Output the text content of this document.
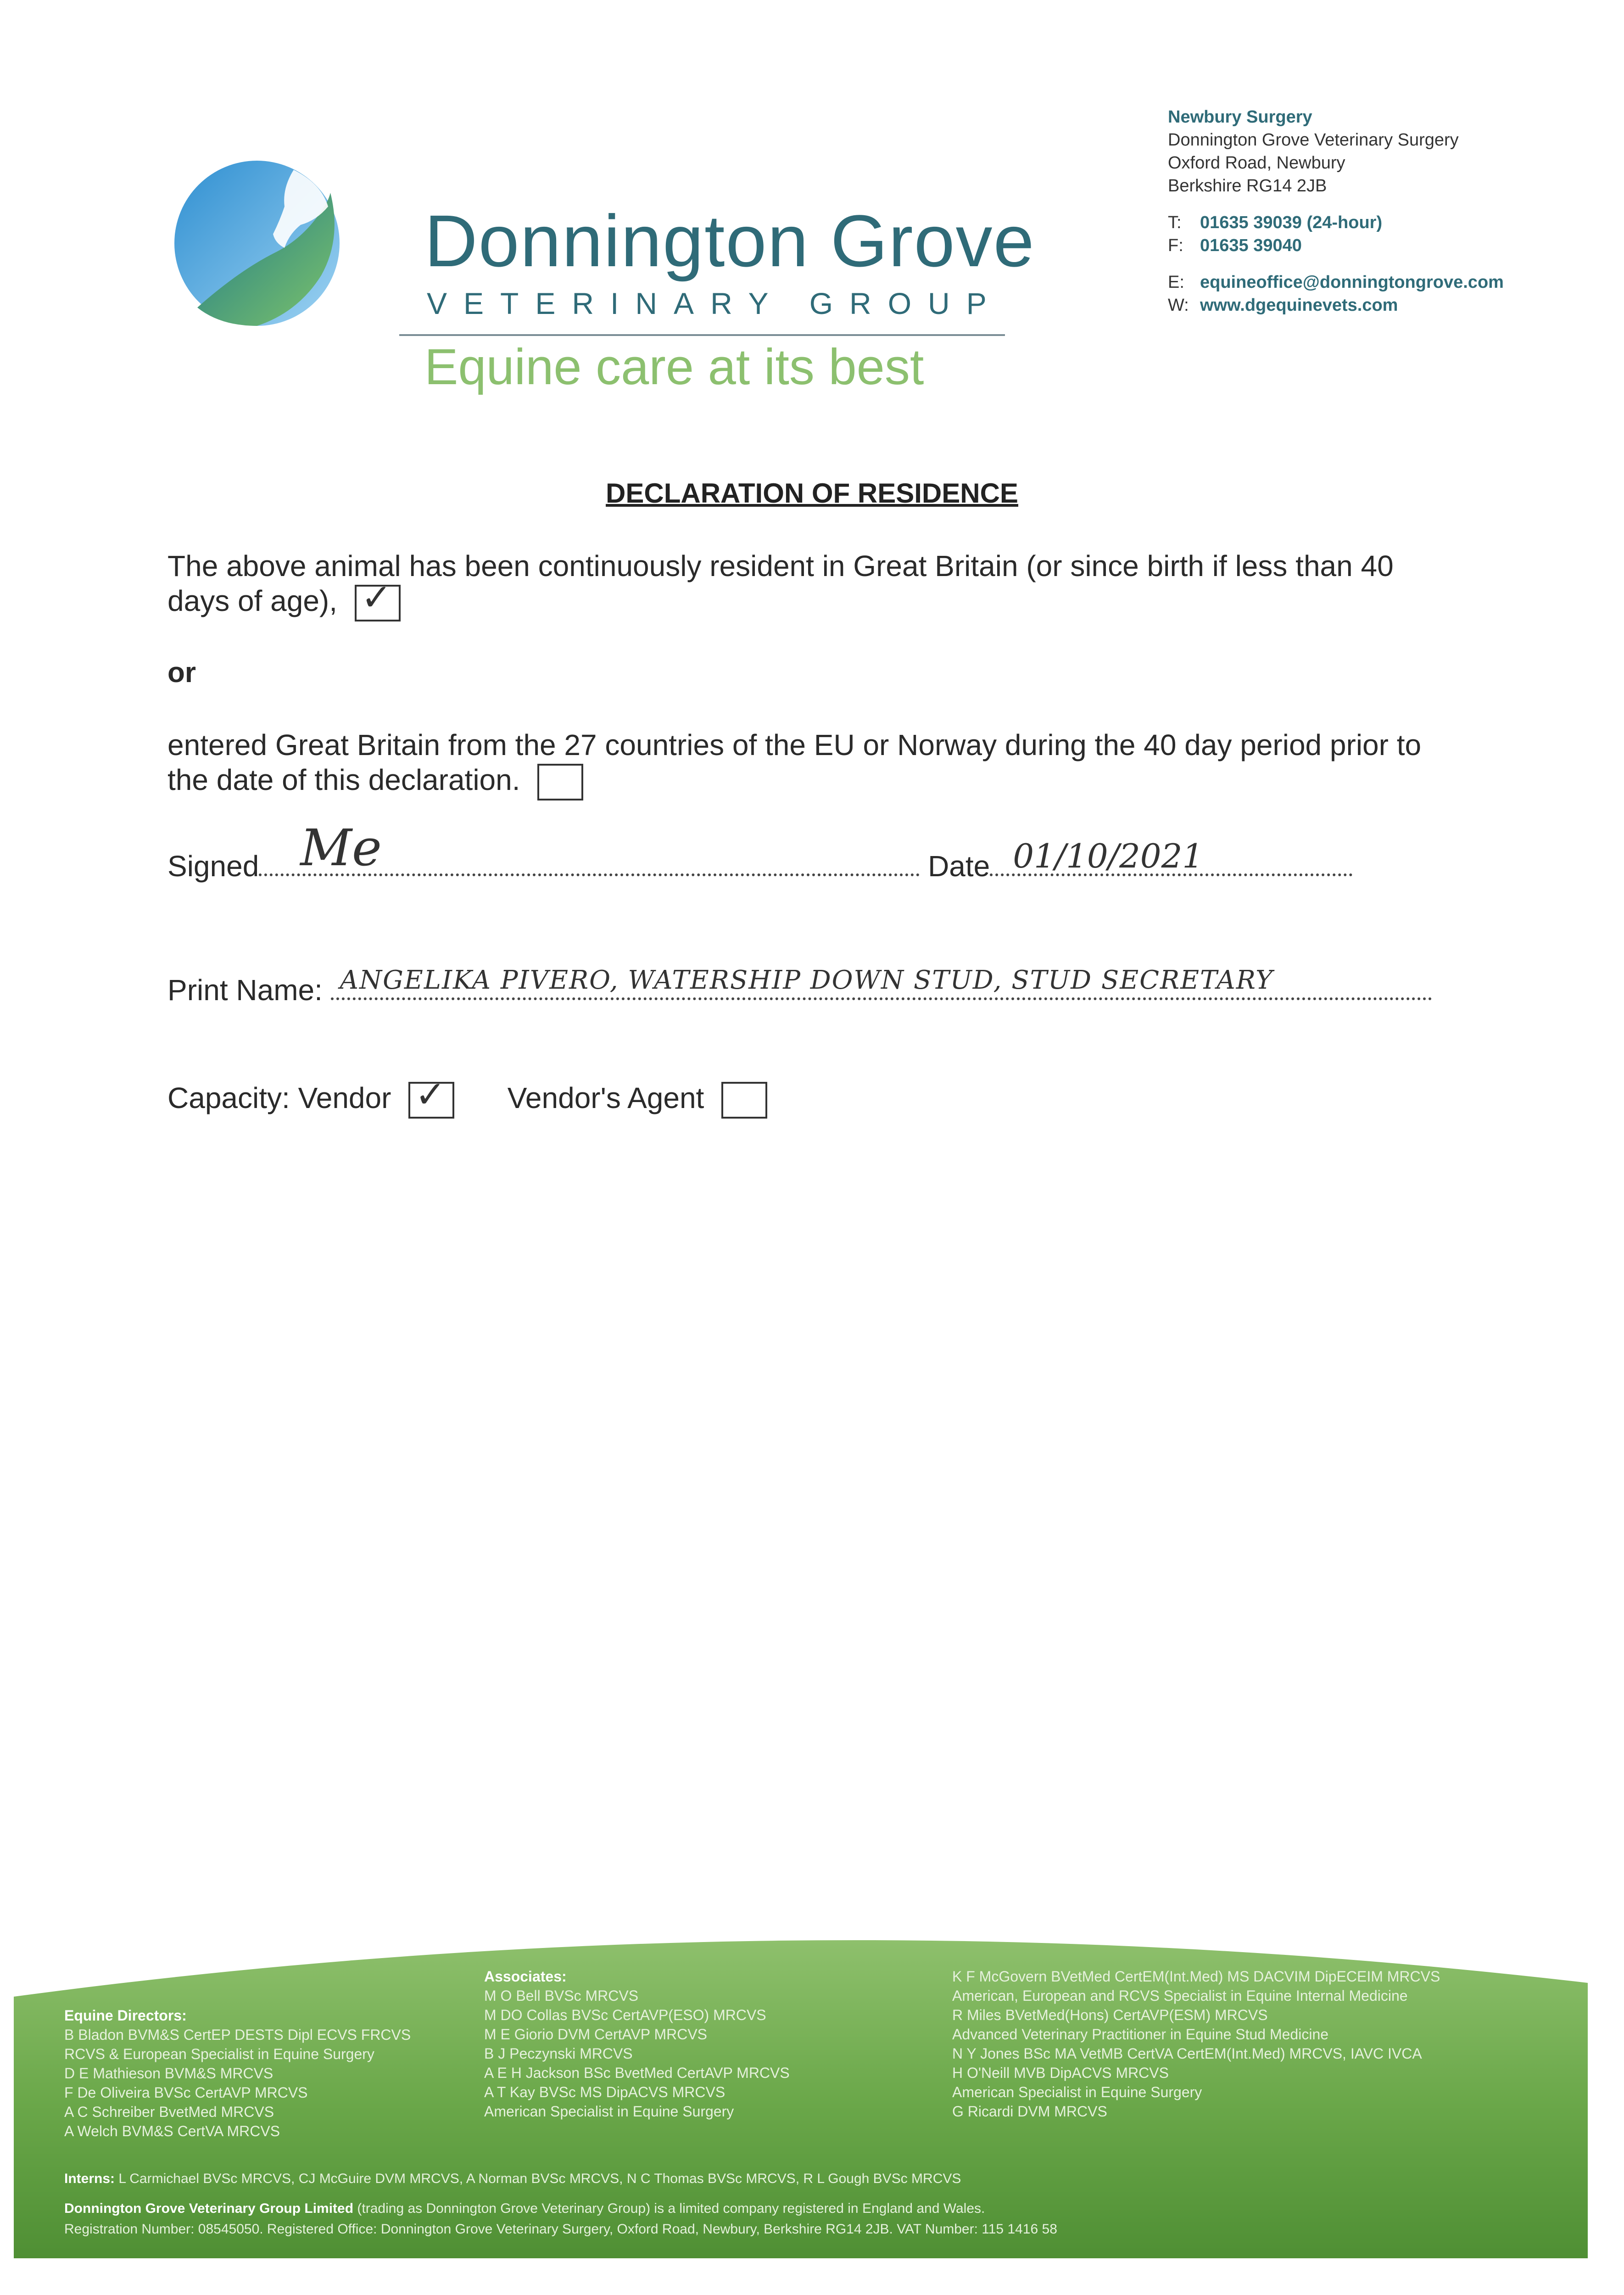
Donnington Grove
VETERINARY GROUP
Equine care at its best
Newbury Surgery
Donnington Grove Veterinary Surgery
Oxford Road, Newbury
Berkshire RG14 2JB
T:	01635 39039 (24-hour)
F: 01635 39040
E: equineoffice@donningtongrove.com
W: www.dgequinevets.com
DECLARATION OF RESIDENCE
The above animal has been continuously resident in Great Britain (or since birth if less than 40 days of age), ✓
or
entered Great Britain from the 27 countries of the EU or Norway during the 40 day period prior to the date of this declaration.
Signed Me	Date 01/10/2021
Print Name: ANGELIKA PIVERO, WATERSHIP DOWN STUD, STUD SECRETARY
Capacity: Vendor ✓ Vendor's Agent
Equine Directors:
B Bladon BVM&S CertEP DESTS Dipl ECVS FRCVS
RCVS & European Specialist in Equine Surgery
D E Mathieson BVM&S MRCVS
F De Oliveira BVSc CertAVP MRCVS
A C Schreiber BvetMed MRCVS
A Welch BVM&S CertVA MRCVS
Associates:
M O Bell BVSc MRCVS
M DO Collas BVSc CertAVP(ESO) MRCVS
M E Giorio DVM CertAVP MRCVS
B J Peczynski MRCVS
A E H Jackson BSc BvetMed CertAVP MRCVS
A T Kay BVSc MS DipACVS MRCVS
American Specialist in Equine Surgery
K F McGovern BVetMed CertEM(Int.Med) MS DACVIM DipECEIM MRCVS
American, European and RCVS Specialist in Equine Internal Medicine
R Miles BVetMed(Hons) CertAVP(ESM) MRCVS
Advanced Veterinary Practitioner in Equine Stud Medicine
N Y Jones BSc MA VetMB CertVA CertEM(Int.Med) MRCVS, IAVC IVCA
H O'Neill MVB DipACVS MRCVS
American Specialist in Equine Surgery
G Ricardi DVM MRCVS
Interns: L Carmichael BVSc MRCVS, CJ McGuire DVM MRCVS, A Norman BVSc MRCVS, N C Thomas BVSc MRCVS, R L Gough BVSc MRCVS
Donnington Grove Veterinary Group Limited (trading as Donnington Grove Veterinary Group) is a limited company registered in England and Wales.
Registration Number: 08545050. Registered Office: Donnington Grove Veterinary Surgery, Oxford Road, Newbury, Berkshire RG14 2JB. VAT Number: 115 1416 58
